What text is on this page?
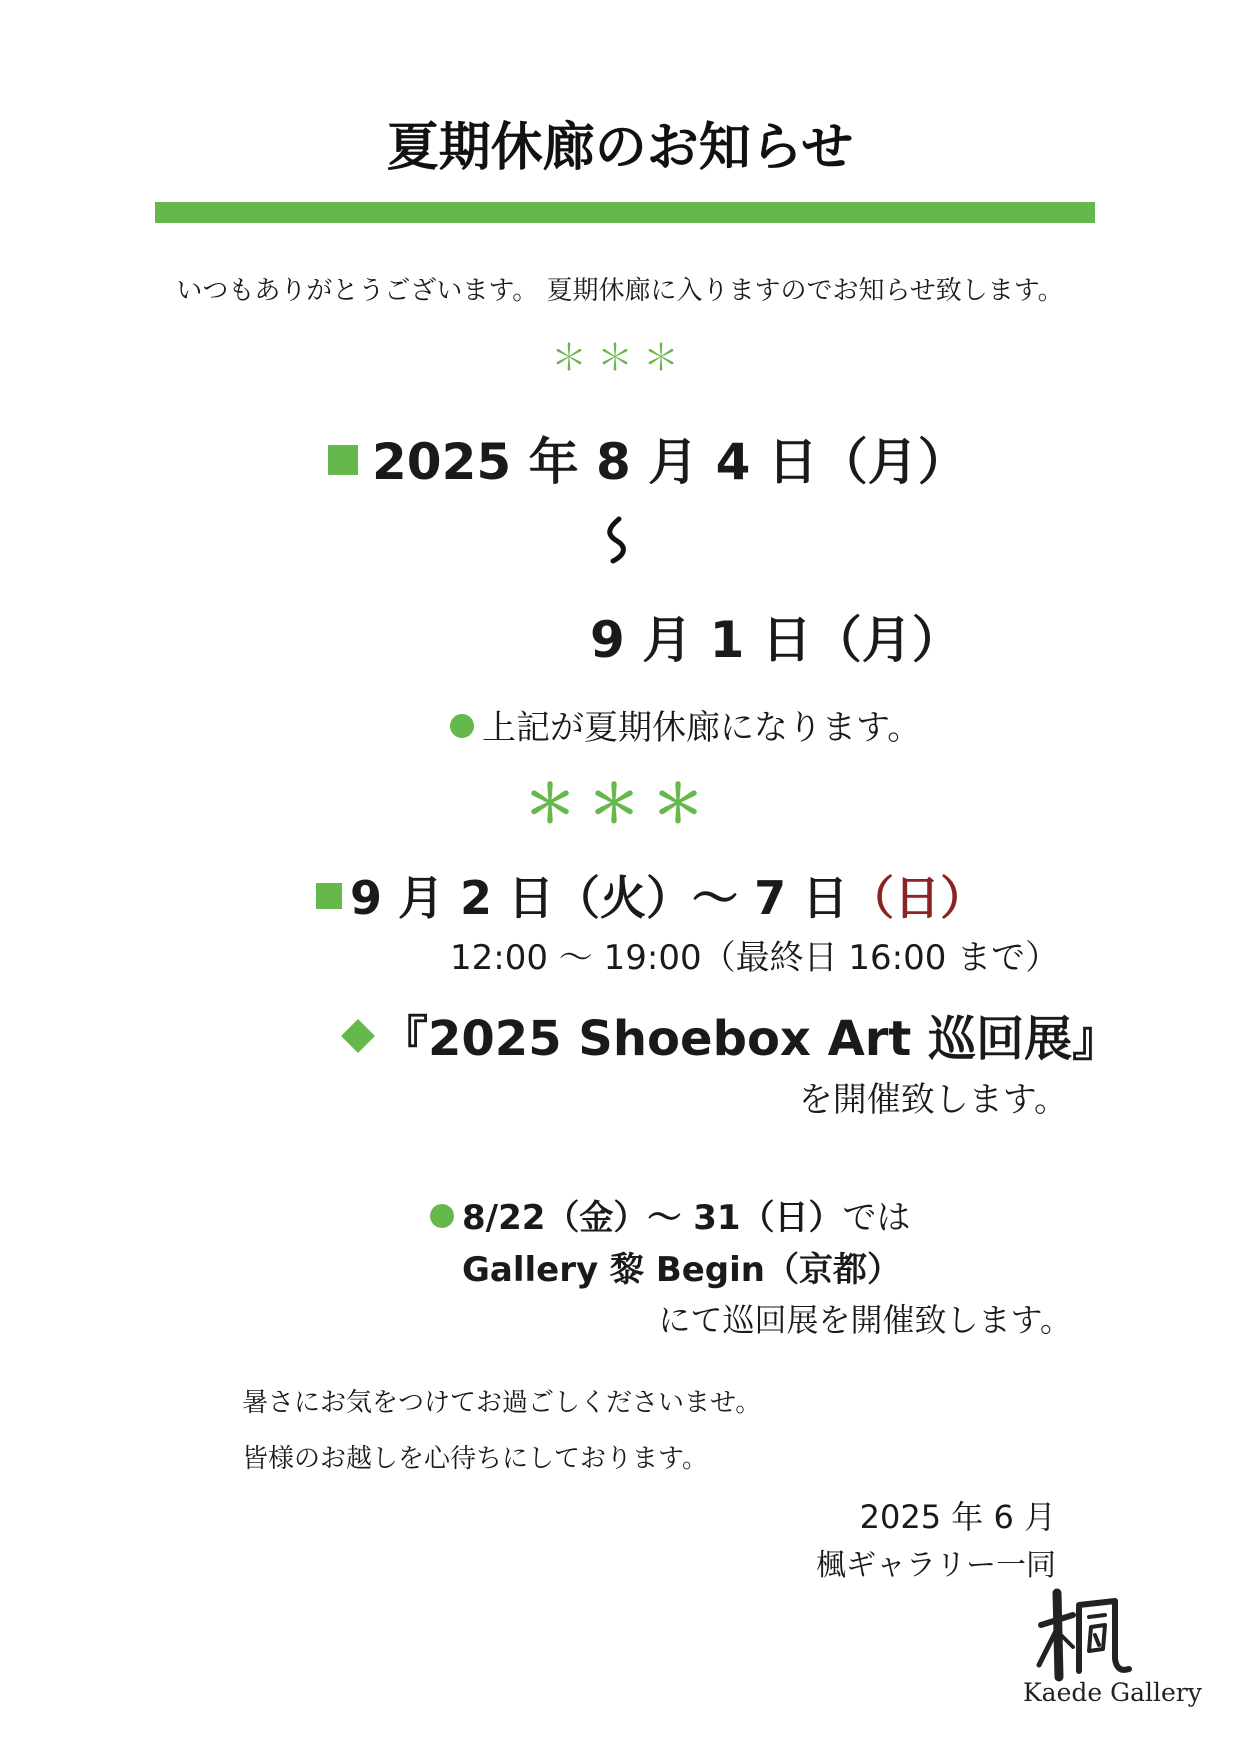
夏期休廊のお知らせ
いつもありがとうございます。 夏期休廊に入りますのでお知らせ致します。
＊＊＊
2025 年 8 月 4 日（月）
9 月 1 日（月）
上記が夏期休廊になります。
＊＊＊
9 月 2 日（火）～ 7 日（日）
12:00 ～ 19:00（最終日 16:00 まで）
『2025 Shoebox Art 巡回展』
を開催致します。
8/22（金）～ 31（日）では
Gallery 黎 Begin（京都）
にて巡回展を開催致します。
暑さにお気をつけてお過ごしくださいませ。
皆様のお越しを心待ちにしております。
2025 年 6 月
楓ギャラリー一同
Kaede Gallery
